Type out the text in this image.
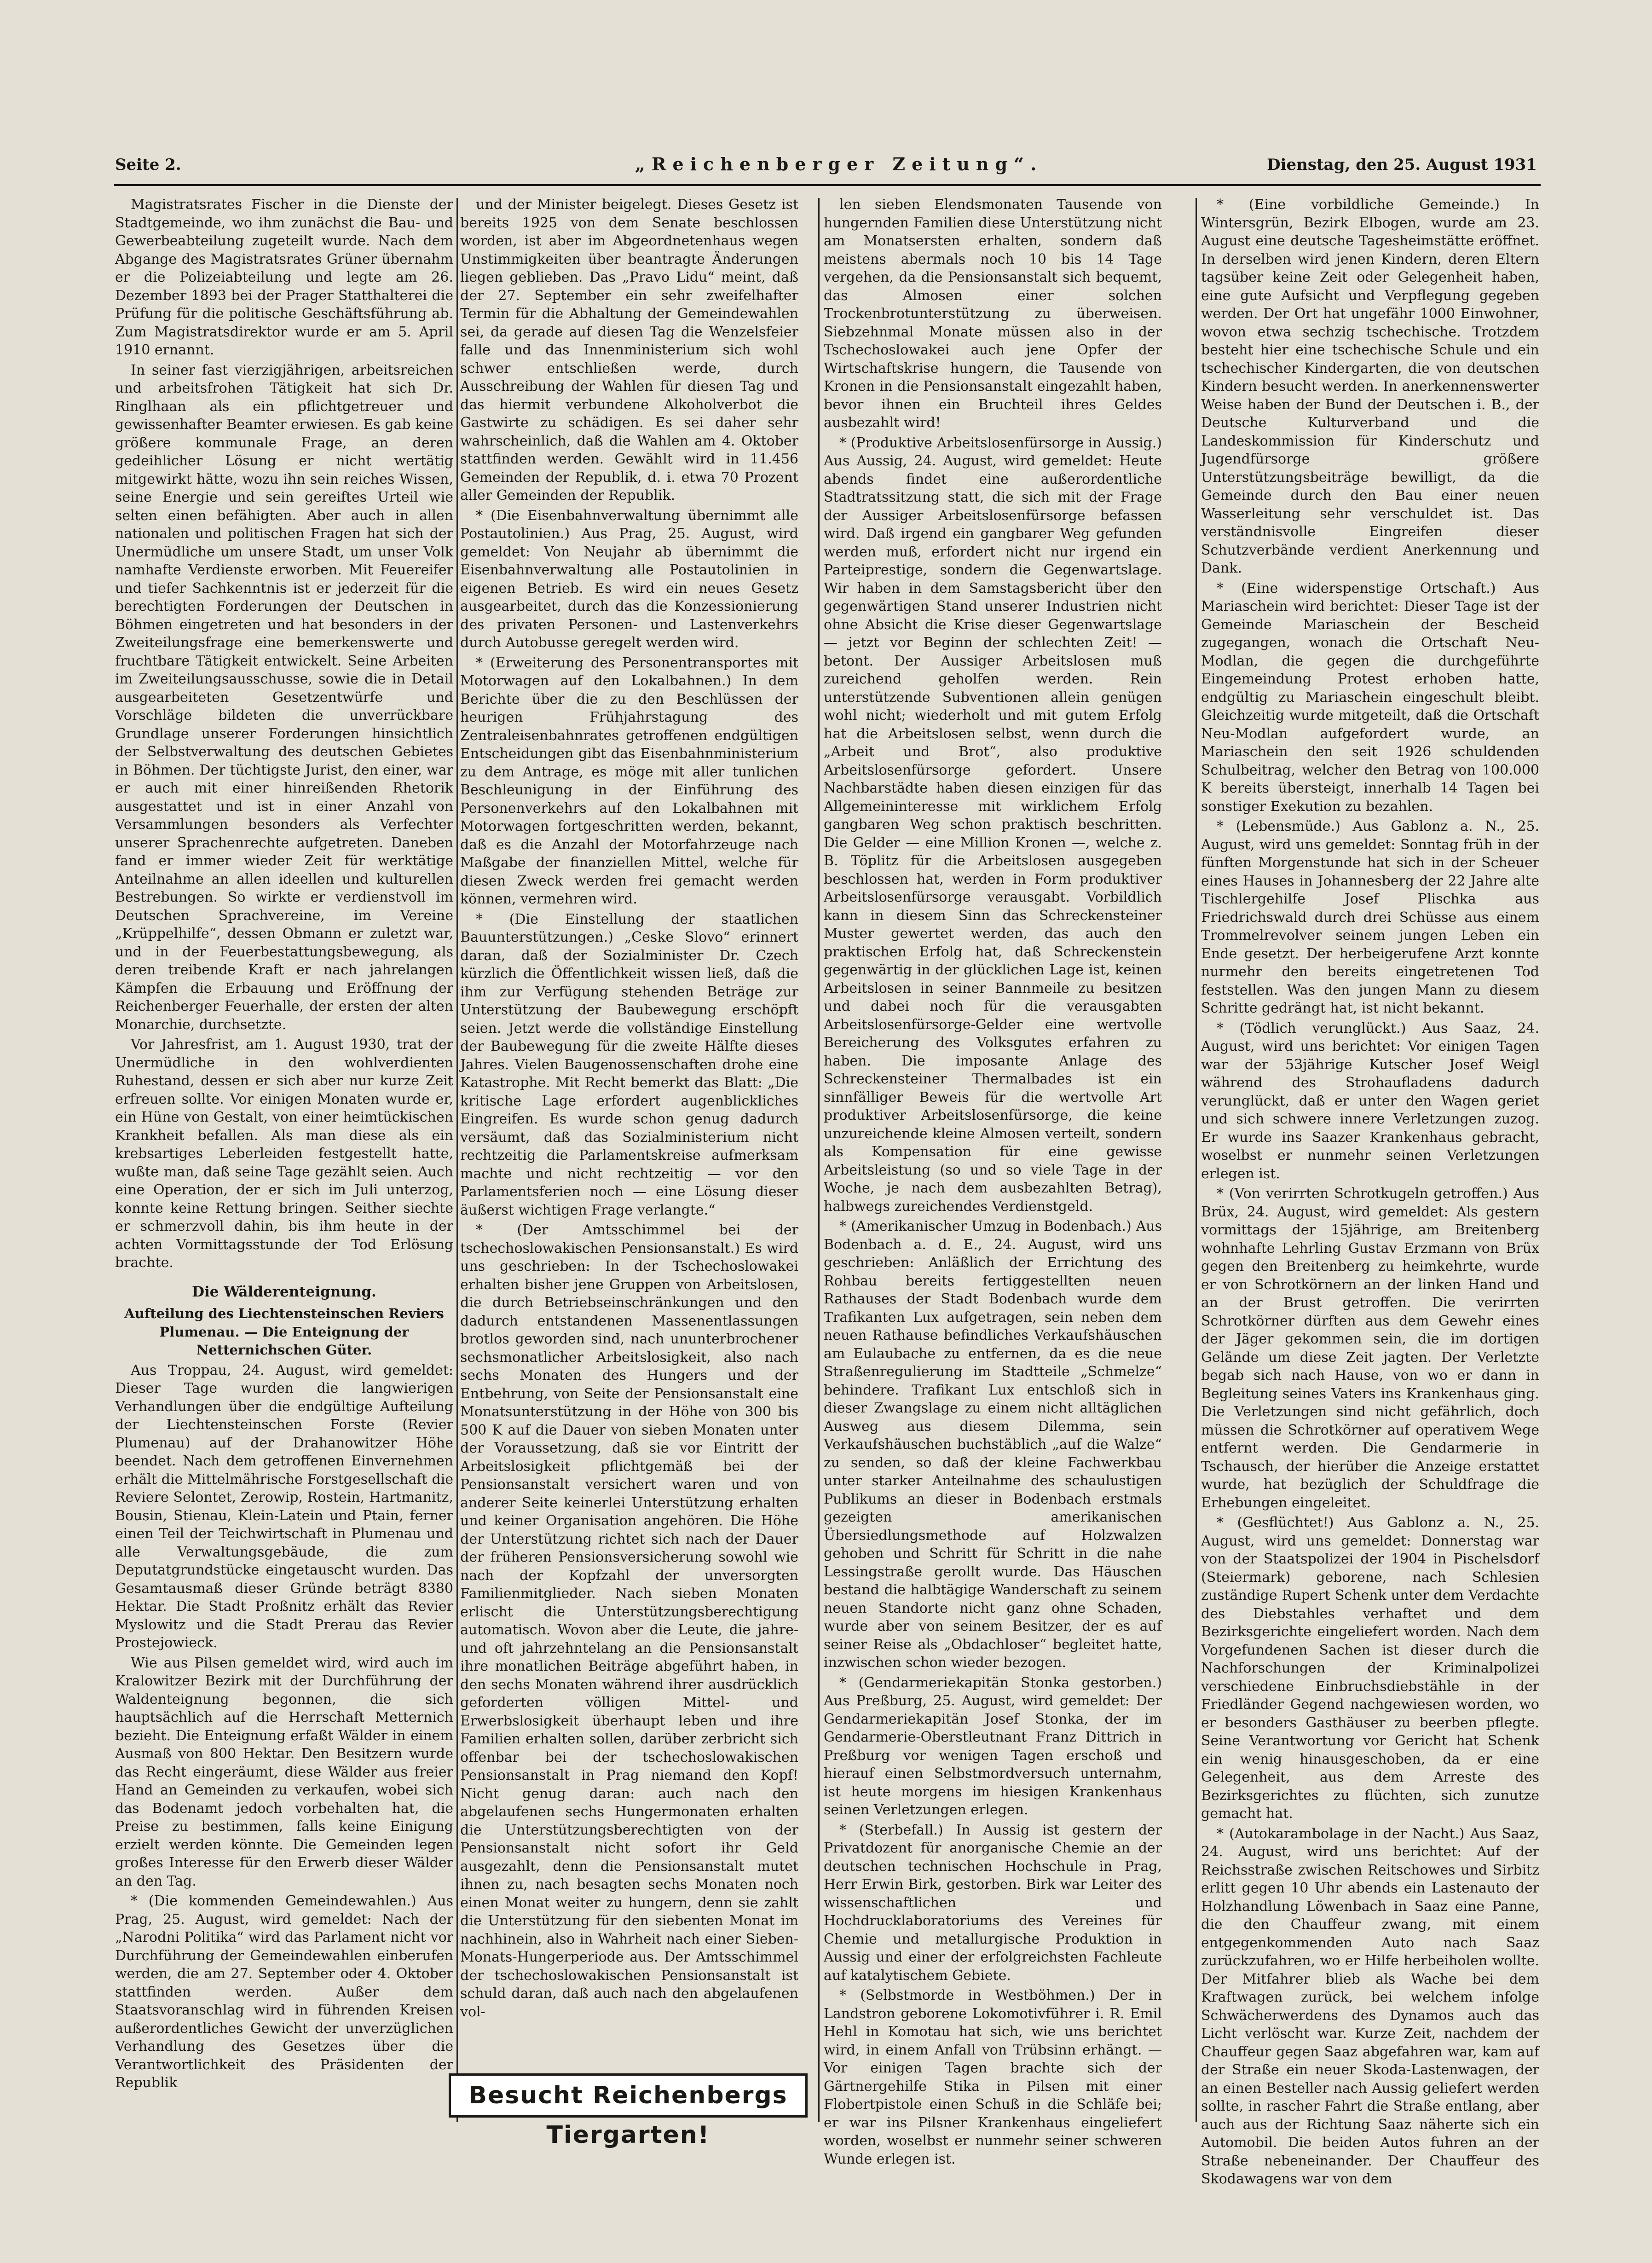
Seite 2.	„Reichenberger Zeitung“.	Dienstag, den 25. August 1931

Magistratsrates Fischer in die Dienste der Stadtgemeinde, wo ihm zunächst die Bau- und Gewerbeabteilung zugeteilt wurde. Nach dem Abgange des Magistratsrates Grüner übernahm er die Polizeiabteilung und legte am 26. Dezember 1893 bei der Prager Statthalterei die Prüfung für die politische Geschäftsführung ab. Zum Magistratsdirektor wurde er am 5. April 1910 ernannt.

In seiner fast vierzigjährigen, arbeitsreichen und arbeitsfrohen Tätigkeit hat sich Dr. Ringlhaan als ein pflichtgetreuer und gewissenhafter Beamter erwiesen. Es gab keine größere kommunale Frage, an deren gedeihlicher Lösung er nicht wertätig mitgewirkt hätte, wozu ihn sein reiches Wissen, seine Energie und sein gereiftes Urteil wie selten einen befähigten. Aber auch in allen nationalen und politischen Fragen hat sich der Unermüdliche um unsere Stadt, um unser Volk namhafte Verdienste erworben. Mit Feuereifer und tiefer Sachkenntnis ist er jederzeit für die berechtigten Forderungen der Deutschen in Böhmen eingetreten und hat besonders in der Zweiteilungsfrage eine bemerkenswerte und fruchtbare Tätigkeit entwickelt. Seine Arbeiten im Zweiteilungsausschusse, sowie die in Detail ausgearbeiteten Gesetzentwürfe und Vorschläge bildeten die unverrückbare Grundlage unserer Forderungen hinsichtlich der Selbstverwaltung des deutschen Gebietes in Böhmen. Der tüchtigste Jurist, den einer, war er auch mit einer hinreißenden Rhetorik ausgestattet und ist in einer Anzahl von Versammlungen besonders als Verfechter unserer Sprachenrechte aufgetreten. Daneben fand er immer wieder Zeit für werktätige Anteilnahme an allen ideellen und kulturellen Bestrebungen. So wirkte er verdienstvoll im Deutschen Sprachvereine, im Vereine „Krüppelhilfe“, dessen Obmann er zuletzt war, und in der Feuerbestattungsbewegung, als deren treibende Kraft er nach jahrelangen Kämpfen die Erbauung und Eröffnung der Reichenberger Feuerhalle, der ersten der alten Monarchie, durchsetzte.

Vor Jahresfrist, am 1. August 1930, trat der Unermüdliche in den wohlverdienten Ruhestand, dessen er sich aber nur kurze Zeit erfreuen sollte. Vor einigen Monaten wurde er, ein Hüne von Gestalt, von einer heimtückischen Krankheit befallen. Als man diese als ein krebsartiges Leberleiden festgestellt hatte, wußte man, daß seine Tage gezählt seien. Auch eine Operation, der er sich im Juli unterzog, konnte keine Rettung bringen. Seither siechte er schmerzvoll dahin, bis ihm heute in der achten Vormittagsstunde der Tod Erlösung brachte.

Die Wälderenteignung.
Aufteilung des Liechtensteinschen Reviers Plumenau. — Die Enteignung der Netternichschen Güter.

Aus Troppau, 24. August, wird gemeldet: Dieser Tage wurden die langwierigen Verhandlungen über die endgültige Aufteilung der Liechtensteinschen Forste (Revier Plumenau) auf der Drahanowitzer Höhe beendet. Nach dem getroffenen Einvernehmen erhält die Mittelmährische Forstgesellschaft die Reviere Selontet, Zerowip, Rostein, Hartmanitz, Bousin, Stienau, Klein-Latein und Ptain, ferner einen Teil der Teichwirtschaft in Plumenau und alle Verwaltungsgebäude, die zum Deputatgrundstücke eingetauscht wurden. Das Gesamtausmaß dieser Gründe beträgt 8380 Hektar. Die Stadt Proßnitz erhält das Revier Myslowitz und die Stadt Prerau das Revier Prostejowieck.

Wie aus Pilsen gemeldet wird, wird auch im Kralowitzer Bezirk mit der Durchführung der Waldenteignung begonnen, die sich hauptsächlich auf die Herrschaft Metternich bezieht. Die Enteignung erfaßt Wälder in einem Ausmaß von 800 Hektar. Den Besitzern wurde das Recht eingeräumt, diese Wälder aus freier Hand an Gemeinden zu verkaufen, wobei sich das Bodenamt jedoch vorbehalten hat, die Preise zu bestimmen, falls keine Einigung erzielt werden könnte. Die Gemeinden legen großes Interesse für den Erwerb dieser Wälder an den Tag.

* (Die kommenden Gemeindewahlen.) Aus Prag, 25. August, wird gemeldet: Nach der „Narodni Politika“ wird das Parlament nicht vor Durchführung der Gemeindewahlen einberufen werden, die am 27. September oder 4. Oktober stattfinden werden. Außer dem Staatsvoranschlag wird in führenden Kreisen außerordentliches Gewicht der unverzüglichen Verhandlung des Gesetzes über die Verantwortlichkeit des Präsidenten der Republik

und der Minister beigelegt. Dieses Gesetz ist bereits 1925 von dem Senate beschlossen worden, ist aber im Abgeordnetenhaus wegen Unstimmigkeiten über beantragte Änderungen liegen geblieben. Das „Pravo Lidu“ meint, daß der 27. September ein sehr zweifelhafter Termin für die Abhaltung der Gemeindewahlen sei, da gerade auf diesen Tag die Wenzelsfeier falle und das Innenministerium sich wohl schwer entschließen werde, durch Ausschreibung der Wahlen für diesen Tag und das hiermit verbundene Alkoholverbot die Gastwirte zu schädigen. Es sei daher sehr wahrscheinlich, daß die Wahlen am 4. Oktober stattfinden werden. Gewählt wird in 11.456 Gemeinden der Republik, d. i. etwa 70 Prozent aller Gemeinden der Republik.

* (Die Eisenbahnverwaltung übernimmt alle Postautolinien.) Aus Prag, 25. August, wird gemeldet: Von Neujahr ab übernimmt die Eisenbahnverwaltung alle Postautolinien in eigenen Betrieb. Es wird ein neues Gesetz ausgearbeitet, durch das die Konzessionierung des privaten Personen- und Lastenverkehrs durch Autobusse geregelt werden wird.

* (Erweiterung des Personentransportes mit Motorwagen auf den Lokalbahnen.) In dem Berichte über die zu den Beschlüssen der heurigen Frühjahrstagung des Zentraleisenbahnrates getroffenen endgültigen Entscheidungen gibt das Eisenbahnministerium zu dem Antrage, es möge mit aller tunlichen Beschleunigung in der Einführung des Personenverkehrs auf den Lokalbahnen mit Motorwagen fortgeschritten werden, bekannt, daß es die Anzahl der Motorfahrzeuge nach Maßgabe der finanziellen Mittel, welche für diesen Zweck werden frei gemacht werden können, vermehren wird.

* (Die Einstellung der staatlichen Bauunterstützungen.) „Ceske Slovo“ erinnert daran, daß der Sozialminister Dr. Czech kürzlich die Öffentlichkeit wissen ließ, daß die ihm zur Verfügung stehenden Beträge zur Unterstützung der Baubewegung erschöpft seien. Jetzt werde die vollständige Einstellung der Baubewegung für die zweite Hälfte dieses Jahres. Vielen Baugenossenschaften drohe eine Katastrophe. Mit Recht bemerkt das Blatt: „Die kritische Lage erfordert augenblickliches Eingreifen. Es wurde schon genug dadurch versäumt, daß das Sozialministerium nicht rechtzeitig die Parlamentskreise aufmerksam machte und nicht rechtzeitig — vor den Parlamentsferien noch — eine Lösung dieser äußerst wichtigen Frage verlangte.“

* (Der Amtsschimmel bei der tschechoslowakischen Pensionsanstalt.) Es wird uns geschrieben: In der Tschechoslowakei erhalten bisher jene Gruppen von Arbeitslosen, die durch Betriebseinschränkungen und den dadurch entstandenen Massenentlassungen brotlos geworden sind, nach ununterbrochener sechsmonatlicher Arbeitslosigkeit, also nach sechs Monaten des Hungers und der Entbehrung, von Seite der Pensionsanstalt eine Monatsunterstützung in der Höhe von 300 bis 500 K auf die Dauer von sieben Monaten unter der Voraussetzung, daß sie vor Eintritt der Arbeitslosigkeit pflichtgemäß bei der Pensionsanstalt versichert waren und von anderer Seite keinerlei Unterstützung erhalten und keiner Organisation angehören. Die Höhe der Unterstützung richtet sich nach der Dauer der früheren Pensionsversicherung sowohl wie nach der Kopfzahl der unversorgten Familienmitglieder. Nach sieben Monaten erlischt die Unterstützungsberechtigung automatisch. Wovon aber die Leute, die jahre- und oft jahrzehntelang an die Pensionsanstalt ihre monatlichen Beiträge abgeführt haben, in den sechs Monaten während ihrer ausdrücklich geforderten völligen Mittel- und Erwerbslosigkeit überhaupt leben und ihre Familien erhalten sollen, darüber zerbricht sich offenbar bei der tschechoslowakischen Pensionsanstalt in Prag niemand den Kopf! Nicht genug daran: auch nach den abgelaufenen sechs Hungermonaten erhalten die Unterstützungsberechtigten von der Pensionsanstalt nicht sofort ihr Geld ausgezahlt, denn die Pensionsanstalt mutet ihnen zu, nach besagten sechs Monaten noch einen Monat weiter zu hungern, denn sie zahlt die Unterstützung für den siebenten Monat im nachhinein, also in Wahrheit nach einer Sieben-Monats-Hungerperiode aus. Der Amtsschimmel der tschechoslowakischen Pensionsanstalt ist schuld daran, daß auch nach den abgelaufenen vol-

Besucht Reichenbergs Tiergarten!

len sieben Elendsmonaten Tausende von hungernden Familien diese Unterstützung nicht am Monatsersten erhalten, sondern daß meistens abermals noch 10 bis 14 Tage vergehen, da die Pensionsanstalt sich bequemt, das Almosen einer solchen Trockenbrotunterstützung zu überweisen. Siebzehnmal Monate müssen also in der Tschechoslowakei auch jene Opfer der Wirtschaftskrise hungern, die Tausende von Kronen in die Pensionsanstalt eingezahlt haben, bevor ihnen ein Bruchteil ihres Geldes ausbezahlt wird!

* (Produktive Arbeitslosenfürsorge in Aussig.) Aus Aussig, 24. August, wird gemeldet: Heute abends findet eine außerordentliche Stadtratssitzung statt, die sich mit der Frage der Aussiger Arbeitslosenfürsorge befassen wird. Daß irgend ein gangbarer Weg gefunden werden muß, erfordert nicht nur irgend ein Parteiprestige, sondern die Gegenwartslage. Wir haben in dem Samstagsbericht über den gegenwärtigen Stand unserer Industrien nicht ohne Absicht die Krise dieser Gegenwartslage — jetzt vor Beginn der schlechten Zeit! — betont. Der Aussiger Arbeitslosen muß zureichend geholfen werden. Rein unterstützende Subventionen allein genügen wohl nicht; wiederholt und mit gutem Erfolg hat die Arbeitslosen selbst, wenn durch die „Arbeit und Brot“, also produktive Arbeitslosenfürsorge gefordert. Unsere Nachbarstädte haben diesen einzigen für das Allgemeininteresse mit wirklichem Erfolg gangbaren Weg schon praktisch beschritten. Die Gelder — eine Million Kronen —, welche z. B. Töplitz für die Arbeitslosen ausgegeben beschlossen hat, werden in Form produktiver Arbeitslosenfürsorge verausgabt. Vorbildlich kann in diesem Sinn das Schreckensteiner Muster gewertet werden, das auch den praktischen Erfolg hat, daß Schreckenstein gegenwärtig in der glücklichen Lage ist, keinen Arbeitslosen in seiner Bannmeile zu besitzen und dabei noch für die verausgabten Arbeitslosenfürsorge-Gelder eine wertvolle Bereicherung des Volksgutes erfahren zu haben. Die imposante Anlage des Schreckensteiner Thermalbades ist ein sinnfälliger Beweis für die wertvolle Art produktiver Arbeitslosenfürsorge, die keine unzureichende kleine Almosen verteilt, sondern als Kompensation für eine gewisse Arbeitsleistung (so und so viele Tage in der Woche, je nach dem ausbezahlten Betrag), halbwegs zureichendes Verdienstgeld.

* (Amerikanischer Umzug in Bodenbach.) Aus Bodenbach a. d. E., 24. August, wird uns geschrieben: Anläßlich der Errichtung des Rohbau bereits fertiggestellten neuen Rathauses der Stadt Bodenbach wurde dem Trafikanten Lux aufgetragen, sein neben dem neuen Rathause befindliches Verkaufshäuschen am Eulaubache zu entfernen, da es die neue Straßenregulierung im Stadtteile „Schmelze“ behindere. Trafikant Lux entschloß sich in dieser Zwangslage zu einem nicht alltäglichen Ausweg aus diesem Dilemma, sein Verkaufshäuschen buchstäblich „auf die Walze“ zu senden, so daß der kleine Fachwerkbau unter starker Anteilnahme des schaulustigen Publikums an dieser in Bodenbach erstmals gezeigten amerikanischen Übersiedlungsmethode auf Holzwalzen gehoben und Schritt für Schritt in die nahe Lessingstraße gerollt wurde. Das Häuschen bestand die halbtägige Wanderschaft zu seinem neuen Standorte nicht ganz ohne Schaden, wurde aber von seinem Besitzer, der es auf seiner Reise als „Obdachloser“ begleitet hatte, inzwischen schon wieder bezogen.

* (Gendarmeriekapitän Stonka gestorben.) Aus Preßburg, 25. August, wird gemeldet: Der Gendarmeriekapitän Josef Stonka, der im Gendarmerie-Oberstleutnant Franz Dittrich in Preßburg vor wenigen Tagen erschoß und hierauf einen Selbstmordversuch unternahm, ist heute morgens im hiesigen Krankenhaus seinen Verletzungen erlegen.

* (Sterbefall.) In Aussig ist gestern der Privatdozent für anorganische Chemie an der deutschen technischen Hochschule in Prag, Herr Erwin Birk, gestorben. Birk war Leiter des wissenschaftlichen und Hochdrucklaboratoriums des Vereines für Chemie und metallurgische Produktion in Aussig und einer der erfolgreichsten Fachleute auf katalytischem Gebiete.

* (Selbstmorde in Westböhmen.) Der in Landstron geborene Lokomotivführer i. R. Emil Hehl in Komotau hat sich, wie uns berichtet wird, in einem Anfall von Trübsinn erhängt. — Vor einigen Tagen brachte sich der Gärtnergehilfe Stika in Pilsen mit einer Flobertpistole einen Schuß in die Schläfe bei; er war ins Pilsner Krankenhaus eingeliefert worden, woselbst er nunmehr seiner schweren Wunde erlegen ist.

* (Eine vorbildliche Gemeinde.) In Wintersgrün, Bezirk Elbogen, wurde am 23. August eine deutsche Tagesheimstätte eröffnet. In derselben wird jenen Kindern, deren Eltern tagsüber keine Zeit oder Gelegenheit haben, eine gute Aufsicht und Verpflegung gegeben werden. Der Ort hat ungefähr 1000 Einwohner, wovon etwa sechzig tschechische. Trotzdem besteht hier eine tschechische Schule und ein tschechischer Kindergarten, die von deutschen Kindern besucht werden. In anerkennenswerter Weise haben der Bund der Deutschen i. B., der Deutsche Kulturverband und die Landeskommission für Kinderschutz und Jugendfürsorge größere Unterstützungsbeiträge bewilligt, da die Gemeinde durch den Bau einer neuen Wasserleitung sehr verschuldet ist. Das verständnisvolle Eingreifen dieser Schutzverbände verdient Anerkennung und Dank.

* (Eine widerspenstige Ortschaft.) Aus Mariaschein wird berichtet: Dieser Tage ist der Gemeinde Mariaschein der Bescheid zugegangen, wonach die Ortschaft Neu-Modlan, die gegen die durchgeführte Eingemeindung Protest erhoben hatte, endgültig zu Mariaschein eingeschult bleibt. Gleichzeitig wurde mitgeteilt, daß die Ortschaft Neu-Modlan aufgefordert wurde, an Mariaschein den seit 1926 schuldenden Schulbeitrag, welcher den Betrag von 100.000 K bereits übersteigt, innerhalb 14 Tagen bei sonstiger Exekution zu bezahlen.

* (Lebensmüde.) Aus Gablonz a. N., 25. August, wird uns gemeldet: Sonntag früh in der fünften Morgenstunde hat sich in der Scheuer eines Hauses in Johannesberg der 22 Jahre alte Tischlergehilfe Josef Plischka aus Friedrichswald durch drei Schüsse aus einem Trommelrevolver seinem jungen Leben ein Ende gesetzt. Der herbeigerufene Arzt konnte nurmehr den bereits eingetretenen Tod feststellen. Was den jungen Mann zu diesem Schritte gedrängt hat, ist nicht bekannt.

* (Tödlich verunglückt.) Aus Saaz, 24. August, wird uns berichtet: Vor einigen Tagen war der 53jährige Kutscher Josef Weigl während des Strohaufladens dadurch verunglückt, daß er unter den Wagen geriet und sich schwere innere Verletzungen zuzog. Er wurde ins Saazer Krankenhaus gebracht, woselbst er nunmehr seinen Verletzungen erlegen ist.

* (Von verirrten Schrotkugeln getroffen.) Aus Brüx, 24. August, wird gemeldet: Als gestern vormittags der 15jährige, am Breitenberg wohnhafte Lehrling Gustav Erzmann von Brüx gegen den Breitenberg zu heimkehrte, wurde er von Schrotkörnern an der linken Hand und an der Brust getroffen. Die verirrten Schrotkörner dürften aus dem Gewehr eines der Jäger gekommen sein, die im dortigen Gelände um diese Zeit jagten. Der Verletzte begab sich nach Hause, von wo er dann in Begleitung seines Vaters ins Krankenhaus ging. Die Verletzungen sind nicht gefährlich, doch müssen die Schrotkörner auf operativem Wege entfernt werden. Die Gendarmerie in Tschausch, der hierüber die Anzeige erstattet wurde, hat bezüglich der Schuldfrage die Erhebungen eingeleitet.

* (Gesflüchtet!) Aus Gablonz a. N., 25. August, wird uns gemeldet: Donnerstag war von der Staatspolizei der 1904 in Pischelsdorf (Steiermark) geborene, nach Schlesien zuständige Rupert Schenk unter dem Verdachte des Diebstahles verhaftet und dem Bezirksgerichte eingeliefert worden. Nach dem Vorgefundenen Sachen ist dieser durch die Nachforschungen der Kriminalpolizei verschiedene Einbruchsdiebstähle in der Friedländer Gegend nachgewiesen worden, wo er besonders Gasthäuser zu beerben pflegte. Seine Verantwortung vor Gericht hat Schenk ein wenig hinausgeschoben, da er eine Gelegenheit, aus dem Arreste des Bezirksgerichtes zu flüchten, sich zunutze gemacht hat.

* (Autokarambolage in der Nacht.) Aus Saaz, 24. August, wird uns berichtet: Auf der Reichsstraße zwischen Reitschowes und Sirbitz erlitt gegen 10 Uhr abends ein Lastenauto der Holzhandlung Löwenbach in Saaz eine Panne, die den Chauffeur zwang, mit einem entgegenkommenden Auto nach Saaz zurückzufahren, wo er Hilfe herbeiholen wollte. Der Mitfahrer blieb als Wache bei dem Kraftwagen zurück, bei welchem infolge Schwächerwerdens des Dynamos auch das Licht verlöscht war. Kurze Zeit, nachdem der Chauffeur gegen Saaz abgefahren war, kam auf der Straße ein neuer Skoda-Lastenwagen, der an einen Besteller nach Aussig geliefert werden sollte, in rascher Fahrt die Straße entlang, aber auch aus der Richtung Saaz näherte sich ein Automobil. Die beiden Autos fuhren an der Straße nebeneinander. Der Chauffeur des Skodawagens war von dem
